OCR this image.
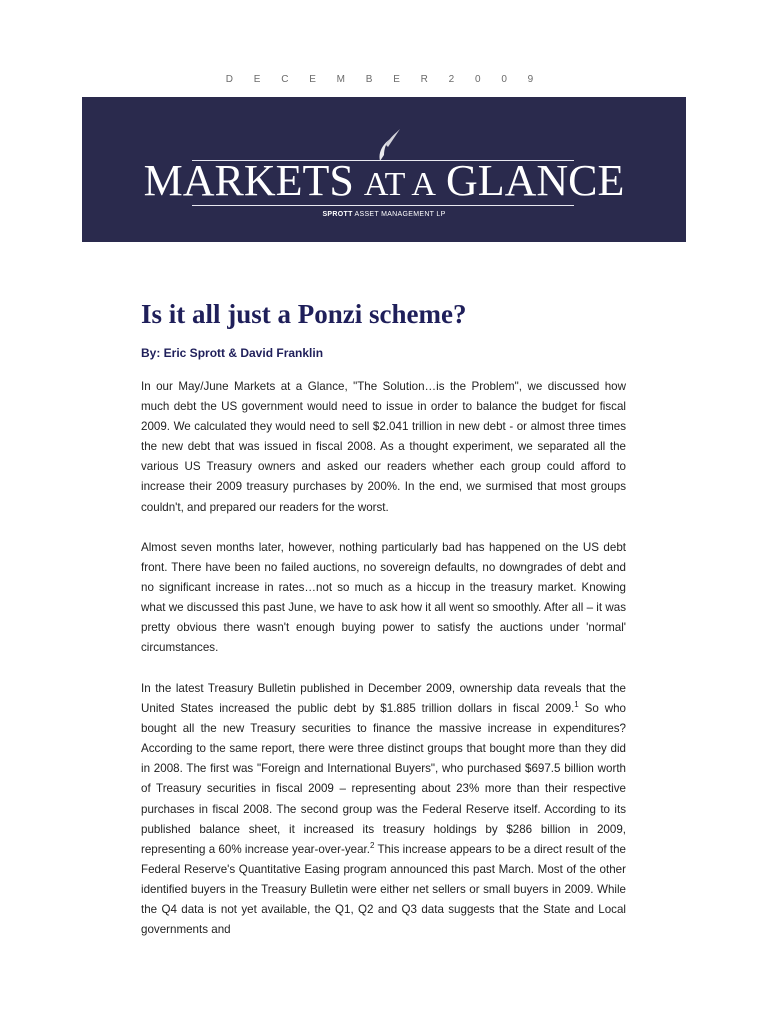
D E C E M B E R 2 0 0 9
MARKETS AT A GLANCE
SPROTT ASSET MANAGEMENT LP
Is it all just a Ponzi scheme?
By: Eric Sprott & David Franklin

In our May/June Markets at a Glance, "The Solution…is the Problem", we discussed how much debt the US government would need to issue in order to balance the budget for fiscal 2009. We calculated they would need to sell $2.041 trillion in new debt - or almost three times the new debt that was issued in fiscal 2008. As a thought experiment, we separated all the various US Treasury owners and asked our readers whether each group could afford to increase their 2009 treasury purchases by 200%. In the end, we surmised that most groups couldn't, and prepared our readers for the worst.

Almost seven months later, however, nothing particularly bad has happened on the US debt front. There have been no failed auctions, no sovereign defaults, no downgrades of debt and no significant increase in rates…not so much as a hiccup in the treasury market. Knowing what we discussed this past June, we have to ask how it all went so smoothly. After all – it was pretty obvious there wasn't enough buying power to satisfy the auctions under 'normal' circumstances.

In the latest Treasury Bulletin published in December 2009, ownership data reveals that the United States increased the public debt by $1.885 trillion dollars in fiscal 2009.$^1$ So who bought all the new Treasury securities to finance the massive increase in expenditures? According to the same report, there were three distinct groups that bought more than they did in 2008. The first was "Foreign and International Buyers", who purchased $697.5 billion worth of Treasury securities in fiscal 2009 – representing about 23% more than their respective purchases in fiscal 2008. The second group was the Federal Reserve itself. According to its published balance sheet, it increased its treasury holdings by $286 billion in 2009, representing a 60% increase year-over-year.$^2$ This increase appears to be a direct result of the Federal Reserve's Quantitative Easing program announced this past March. Most of the other identified buyers in the Treasury Bulletin were either net sellers or small buyers in 2009. While the Q4 data is not yet available, the Q1, Q2 and Q3 data suggests that the State and Local governments and
